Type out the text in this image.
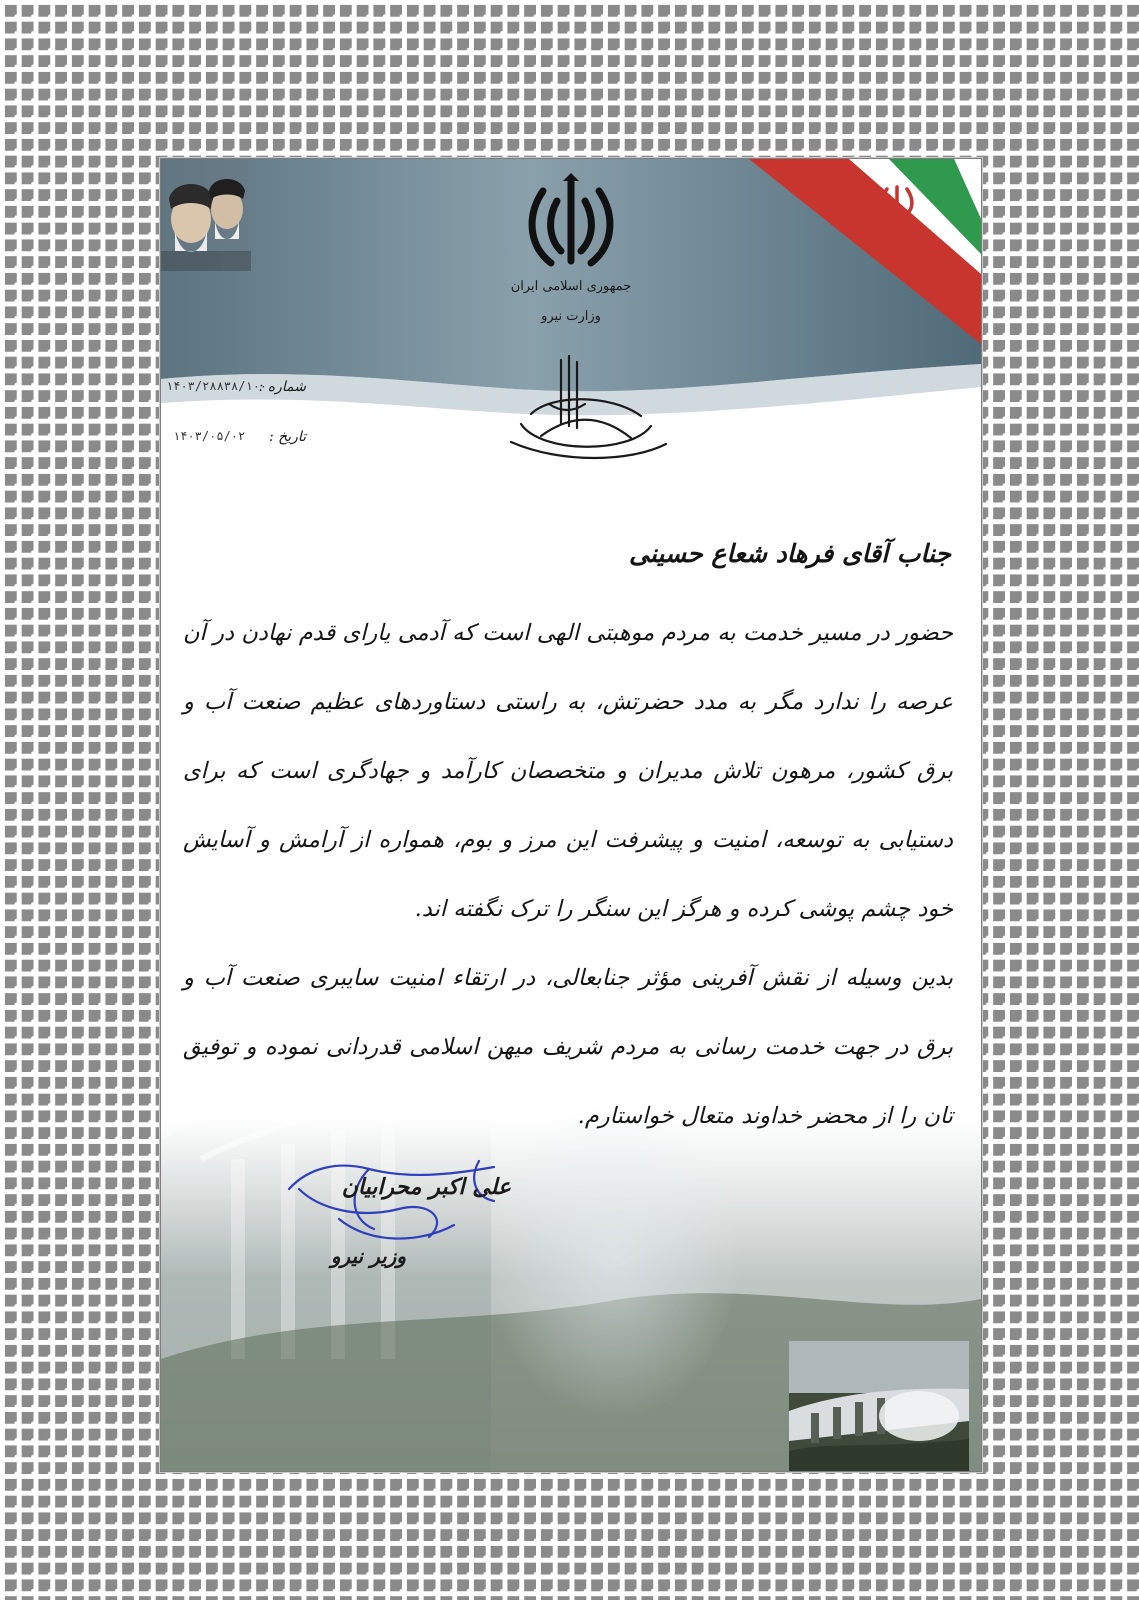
جمهوری اسلامی ایران
وزارت نیرو
شماره :
۱۴۰۳/۲۸۸۳۸/۱۰۰
تاریخ :
۱۴۰۳/۰۵/۰۲
جناب آقای فرهاد شعاع حسینی

حضور در مسیر خدمت به مردم موهبتی الهی است که آدمی یارای قدم نهادن در آن عرصه را ندارد مگر به مدد حضرتش، به راستی دستاوردهای عظیم صنعت آب و برق کشور، مرهون تلاش مدیران و متخصصان کارآمد و جهادگری است که برای دستیابی به توسعه، امنیت و پیشرفت این مرز و بوم، همواره از آرامش و آسایش خود چشم پوشی کرده و هرگز این سنگر را ترک نگفته اند.

بدین وسیله از نقش آفرینی مؤثر جنابعالی، در ارتقاء امنیت سایبری صنعت آب و برق در جهت خدمت رسانی به مردم شریف میهن اسلامی قدردانی نموده و توفیق تان را از محضر خداوند متعال خواستارم.

علی اکبر محرابیان
وزیر نیرو
